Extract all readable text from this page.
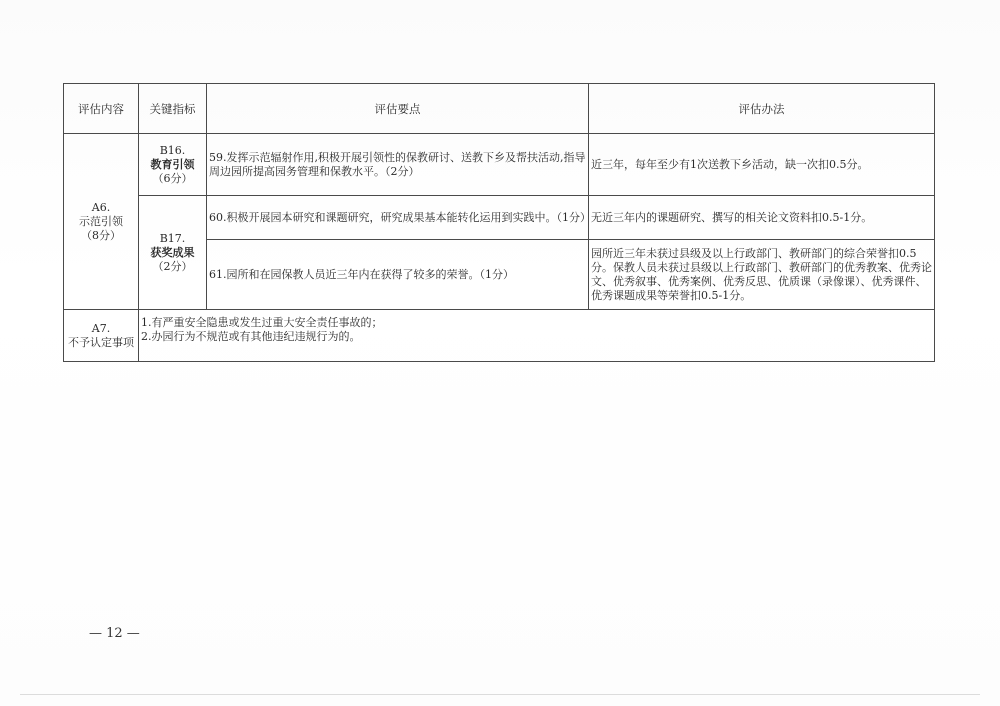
评估内容	关键指标	评估要点	评估办法

A6.
示范引领
（8分）	B16.
教育引领
（6分）	59.发挥示范辐射作用,积极开展引领性的保教研讨、送教下乡及帮扶活动,指导周边园所提高园务管理和保教水平。（2分）	近三年，每年至少有1次送教下乡活动，缺一次扣0.5分。

	B17.
获奖成果
（2分）	60.积极开展园本研究和课题研究，研究成果基本能转化运用到实践中。（1分）	无近三年内的课题研究、撰写的相关论文资料扣0.5-1分。
		61.园所和在园保教人员近三年内在获得了较多的荣誉。（1分）	园所近三年未获过县级及以上行政部门、教研部门的综合荣誉扣0.5分。保教人员未获过县级以上行政部门、教研部门的优秀教案、优秀论文、优秀叙事、优秀案例、优秀反思、优质课（录像课）、优秀课件、优秀课题成果等荣誉扣0.5-1分。

A7.
不予认定事项	1.有严重安全隐患或发生过重大安全责任事故的；
2.办园行为不规范或有其他违纪违规行为的。		
— 12 —
